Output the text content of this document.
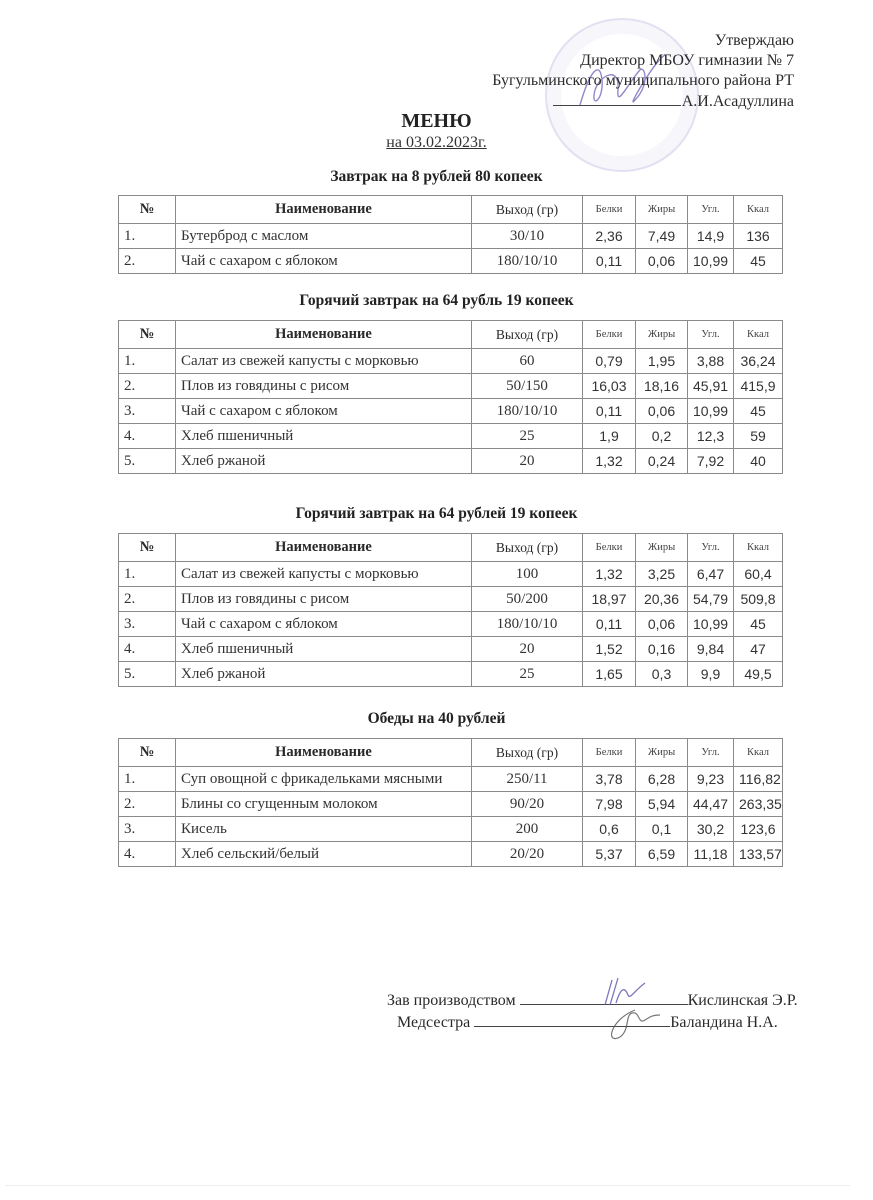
Утверждаю
Директор МБОУ гимназии № 7
Бугульминского муниципального района РТ
А.И.Асадуллина
МЕНЮ
на 03.02.2023г.
Завтрак на 8 рублей 80 копеек
№	Наименование	Выход (гр)	Белки	Жиры	Угл.	Ккал
1.	Бутерброд с маслом	30/10	2,36	7,49	14,9	136
2.	Чай с сахаром с яблоком	180/10/10	0,11	0,06	10,99	45
Горячий завтрак на 64 рубль 19 копеек
№	Наименование	Выход (гр)	Белки	Жиры	Угл.	Ккал
1.	Салат из свежей капусты с морковью	60	0,79	1,95	3,88	36,24
2.	Плов из говядины с рисом	50/150	16,03	18,16	45,91	415,9
3.	Чай с сахаром с яблоком	180/10/10	0,11	0,06	10,99	45
4.	Хлеб пшеничный	25	1,9	0,2	12,3	59
5.	Хлеб ржаной	20	1,32	0,24	7,92	40
Горячий завтрак на 64 рублей 19 копеек
№	Наименование	Выход (гр)	Белки	Жиры	Угл.	Ккал
1.	Салат из свежей капусты с морковью	100	1,32	3,25	6,47	60,4
2.	Плов из говядины с рисом	50/200	18,97	20,36	54,79	509,8
3.	Чай с сахаром с яблоком	180/10/10	0,11	0,06	10,99	45
4.	Хлеб пшеничный	20	1,52	0,16	9,84	47
5.	Хлеб ржаной	25	1,65	0,3	9,9	49,5
Обеды на 40 рублей
№	Наименование	Выход (гр)	Белки	Жиры	Угл.	Ккал
1.	Суп овощной с фрикадельками мясными	250/11	3,78	6,28	9,23	116,82
2.	Блины со сгущенным молоком	90/20	7,98	5,94	44,47	263,35
3.	Кисель	200	0,6	0,1	30,2	123,6
4.	Хлеб сельский/белый	20/20	5,37	6,59	11,18	133,57
Зав производством	Кислинская Э.Р.
Медсестра	Баландина Н.А.
